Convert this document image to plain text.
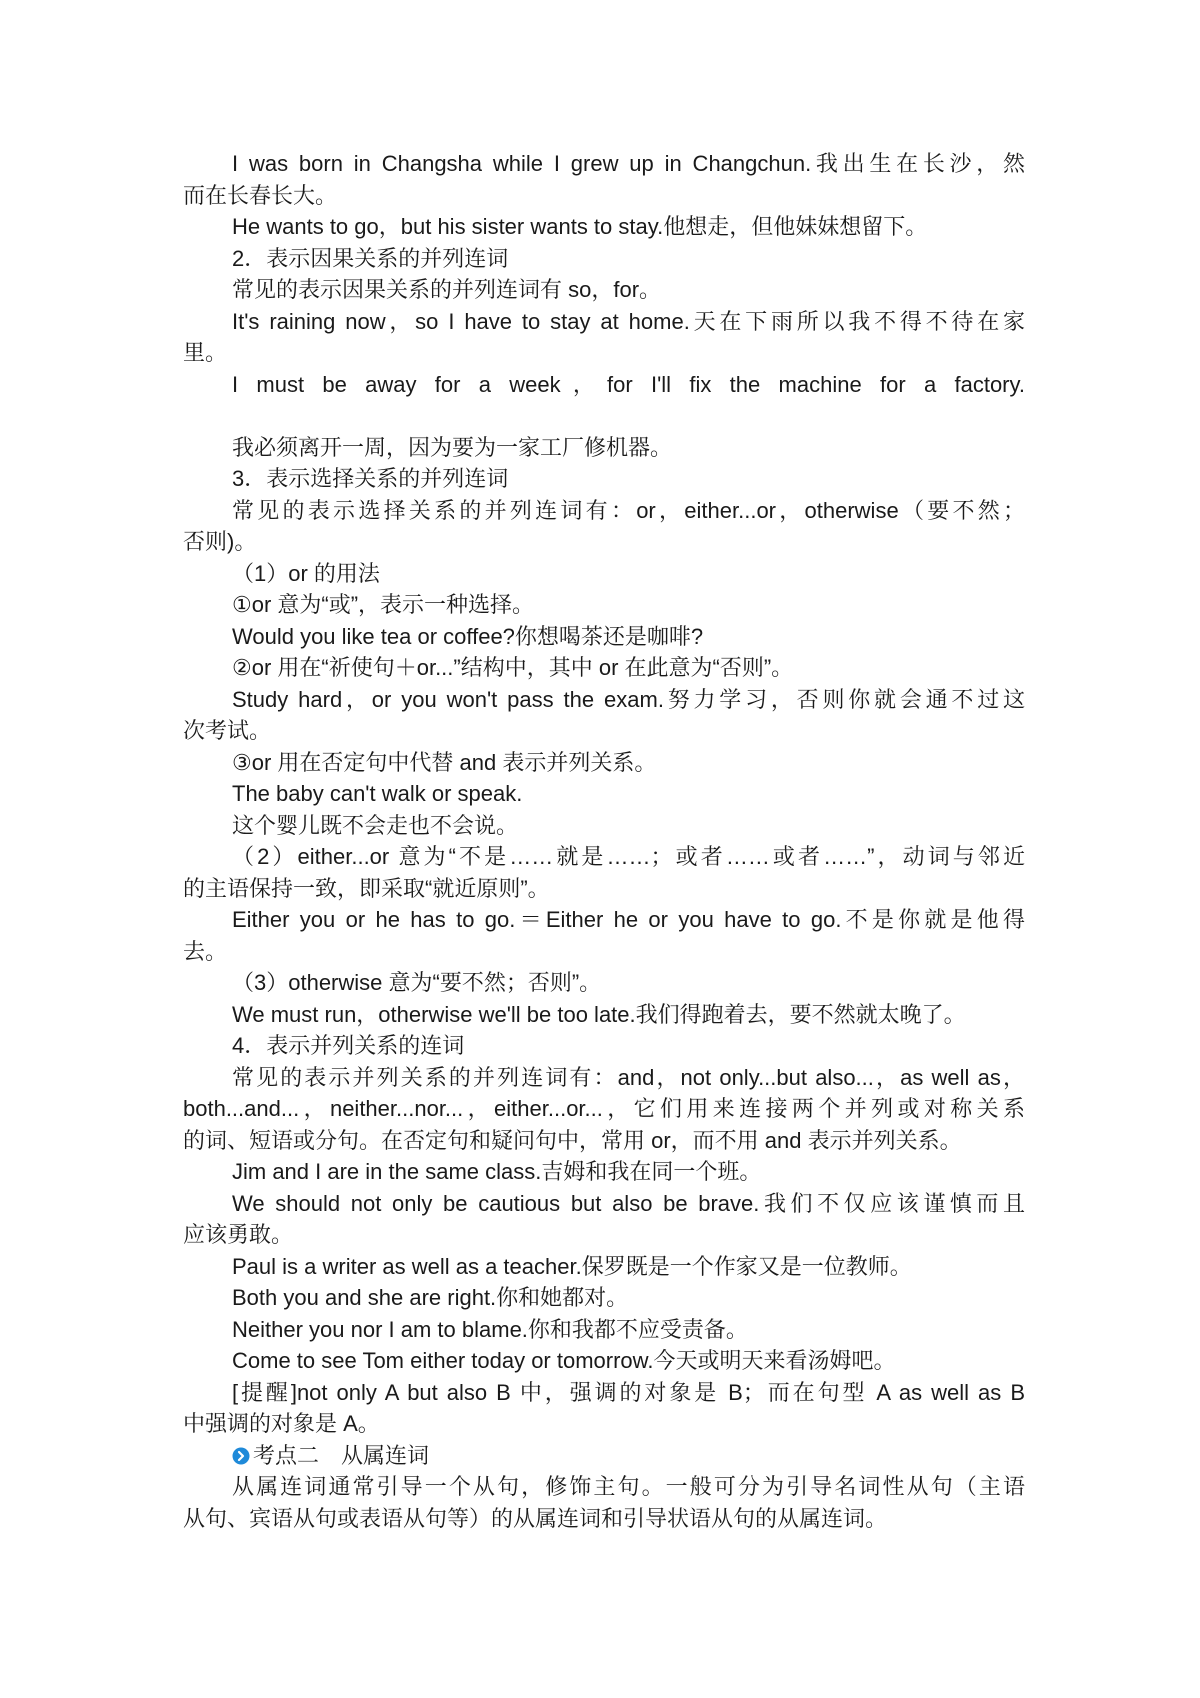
I was born in Changsha while I grew up in Changchun.我出生在长沙，然
而在长春长大。
He wants to go，but his sister wants to stay.他想走，但他妹妹想留下。
2．表示因果关系的并列连词
常见的表示因果关系的并列连词有 so，for。
It's raining now，so I have to stay at home.天在下雨所以我不得不待在家
里。
I must be away for a week，for I'll fix the machine for a factory.
我必须离开一周，因为要为一家工厂修机器。
3．表示选择关系的并列连词
常见的表示选择关系的并列连词有：or，either...or，otherwise（要不然；
否则)。
（1）or 的用法
①or 意为“或”，表示一种选择。
Would you like tea or coffee?你想喝茶还是咖啡?
②or 用在“祈使句＋or...”结构中，其中 or 在此意为“否则”。
Study hard，or you won't pass the exam.努力学习，否则你就会通不过这
次考试。
③or 用在否定句中代替 and 表示并列关系。
The baby can't walk or speak.
这个婴儿既不会走也不会说。
（2）either...or 意为“不是……就是……；或者……或者……”，动词与邻近
的主语保持一致，即采取“就近原则”。
Either you or he has to go.＝Either he or you have to go.不是你就是他得
去。
（3）otherwise 意为“要不然；否则”。
We must run，otherwise we'll be too late.我们得跑着去，要不然就太晚了。
4．表示并列关系的连词
常见的表示并列关系的并列连词有：and，not only...but also...，as well as，
both...and...，neither...nor...，either...or...，它们用来连接两个并列或对称关系
的词、短语或分句。在否定句和疑问句中，常用 or，而不用 and 表示并列关系。
Jim and I are in the same class.吉姆和我在同一个班。
We should not only be cautious but also be brave.我们不仅应该谨慎而且
应该勇敢。
Paul is a writer as well as a teacher.保罗既是一个作家又是一位教师。
Both you and she are right.你和她都对。
Neither you nor I am to blame.你和我都不应受责备。
Come to see Tom either today or tomorrow.今天或明天来看汤姆吧。
[提醒]not only A but also B 中，强调的对象是 B；而在句型 A as well as B
中强调的对象是 A。
考点二　从属连词
从属连词通常引导一个从句，修饰主句。一般可分为引导名词性从句（主语
从句、宾语从句或表语从句等）的从属连词和引导状语从句的从属连词。
